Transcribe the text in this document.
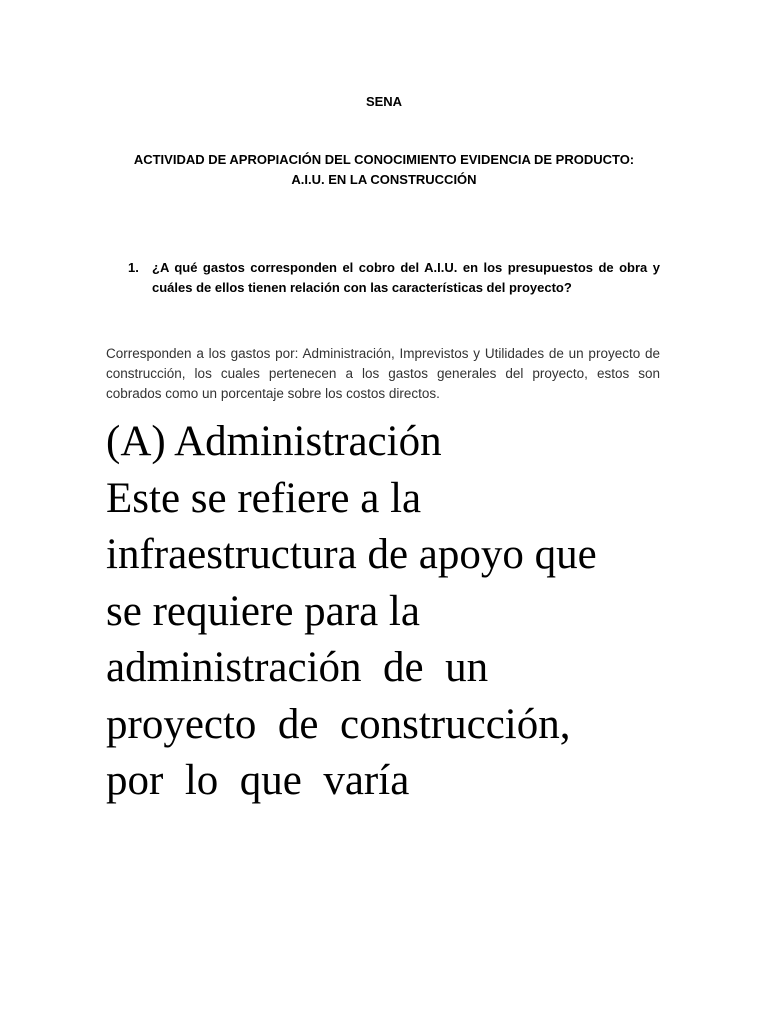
SENA
ACTIVIDAD DE APROPIACIÓN DEL CONOCIMIENTO EVIDENCIA DE PRODUCTO: A.I.U. EN LA CONSTRUCCIÓN
1.	¿A qué gastos corresponden el cobro del A.I.U. en los presupuestos de obra y cuáles de ellos tienen relación con las características del proyecto?
Corresponden a los gastos por: Administración, Imprevistos y Utilidades de un proyecto de construcción, los cuales pertenecen a los gastos generales del proyecto, estos son cobrados como un porcentaje sobre los costos directos.
(A) Administración
Este se refiere a la
infraestructura de apoyo que
se requiere para la
administración  de  un
proyecto  de  construcción,
por  lo  que  varía
